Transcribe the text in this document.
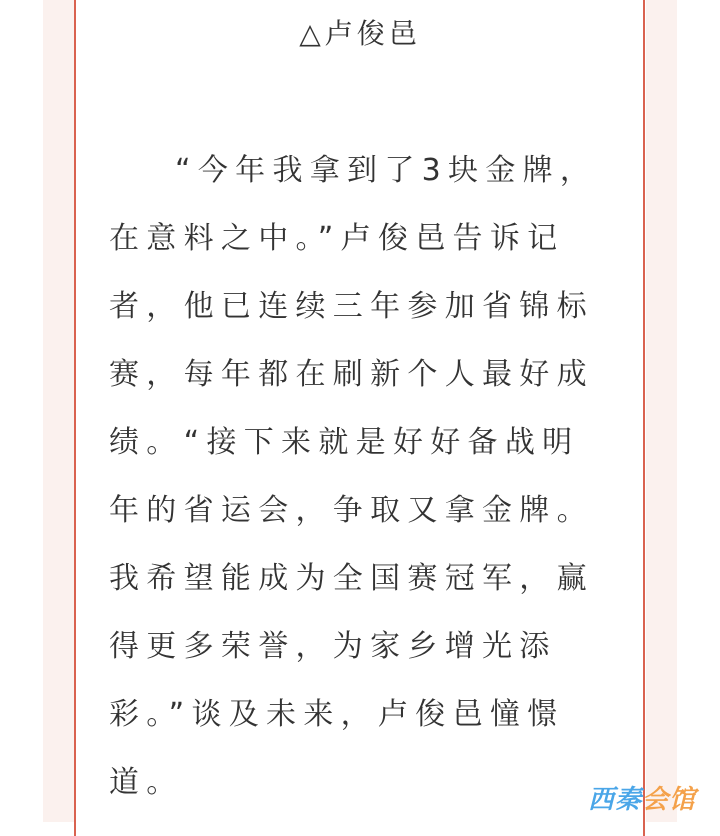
△卢俊邑

“今年我拿到了3块金牌，在意料之中。”卢俊邑告诉记者，他已连续三年参加省锦标赛，每年都在刷新个人最好成绩。“接下来就是好好备战明年的省运会，争取又拿金牌。我希望能成为全国赛冠军，赢得更多荣誉，为家乡增光添彩。”谈及未来，卢俊邑憧憬道。	西秦会馆
